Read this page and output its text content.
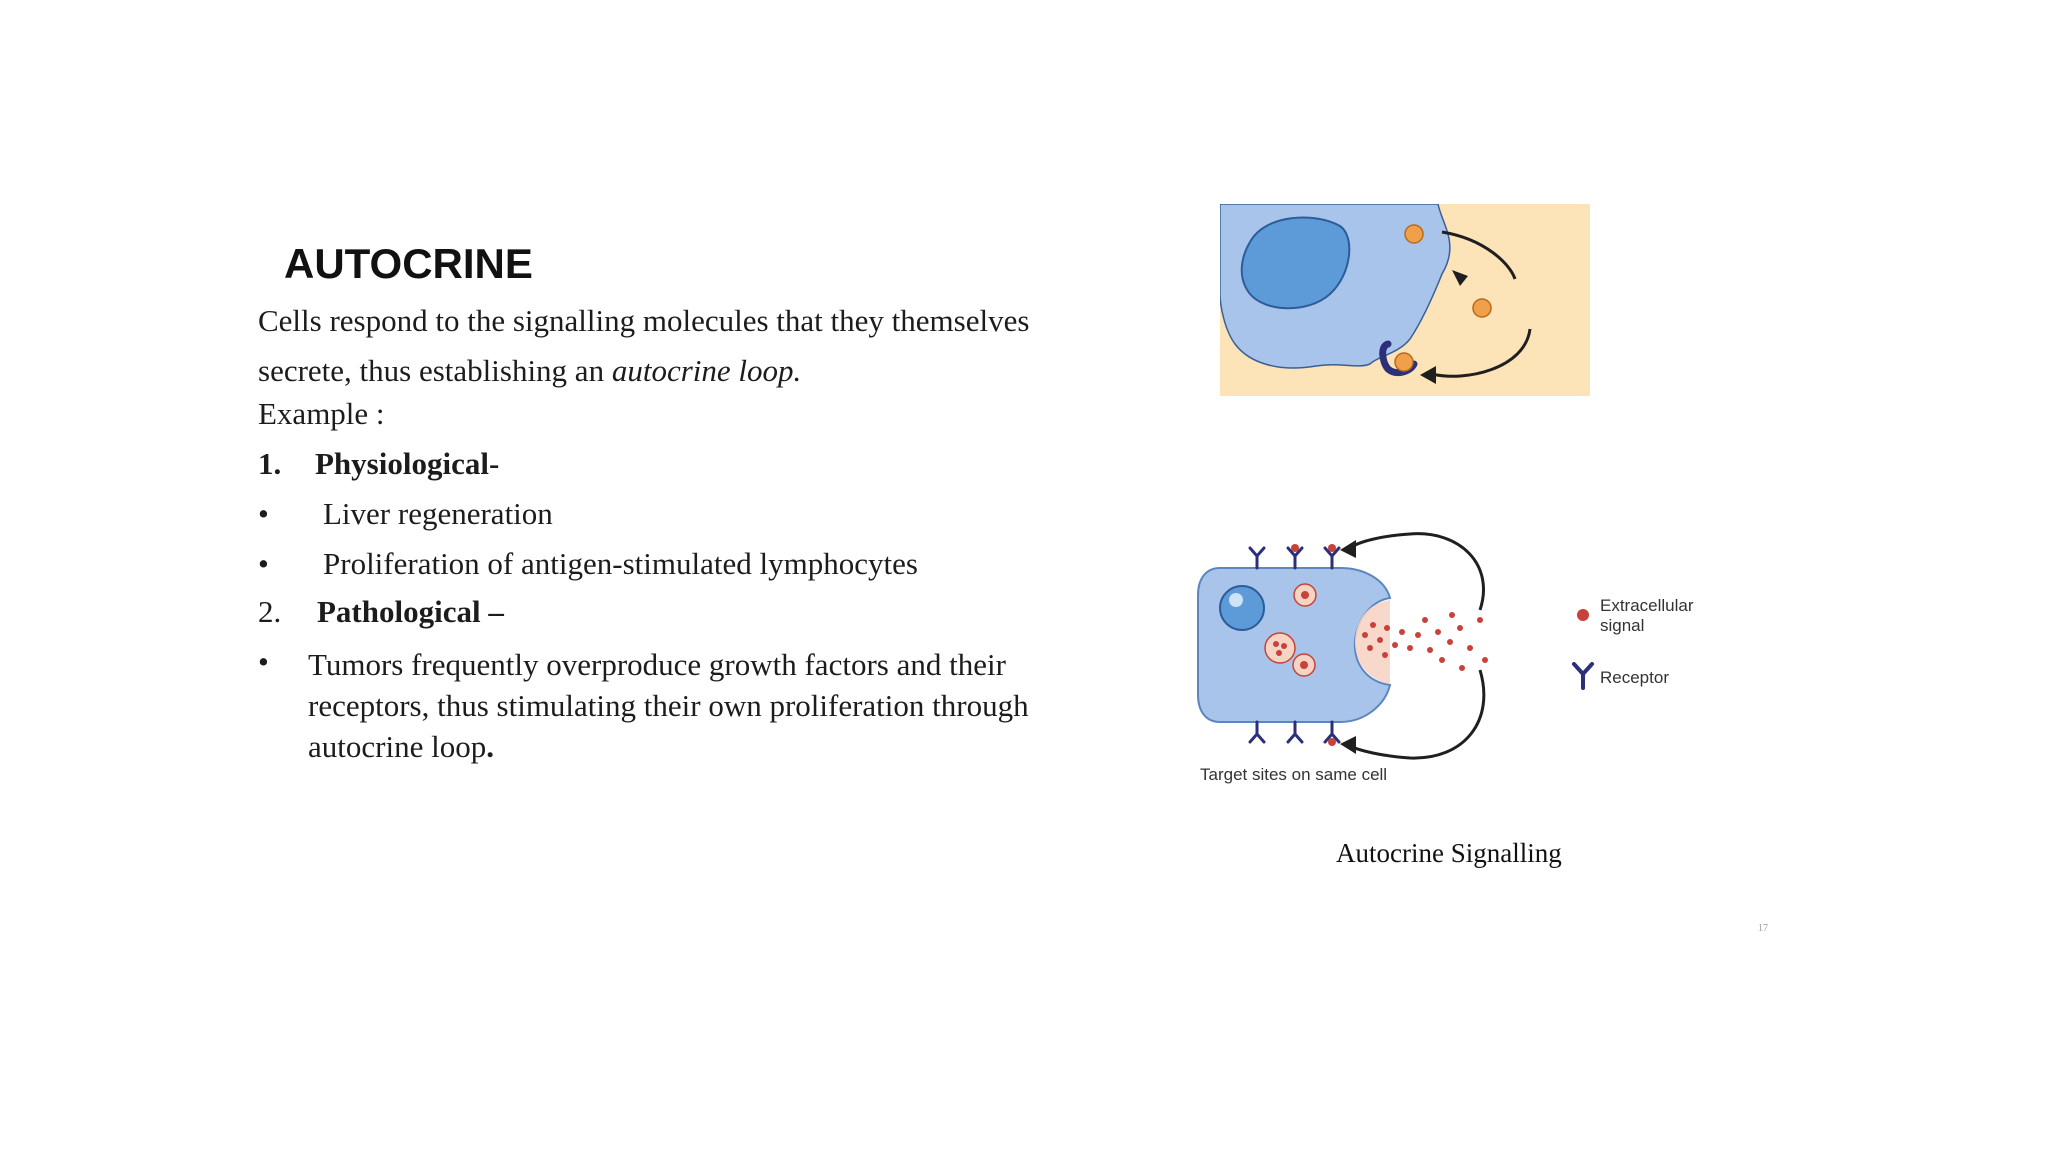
AUTOCRINE
Cells respond to the signalling molecules that they themselves
secrete, thus establishing an autocrine loop.
Example :
1. Physiological-
• Liver regeneration
• Proliferation of antigen-stimulated lymphocytes
2. Pathological –
• Tumors frequently overproduce growth factors and their receptors, thus stimulating their own proliferation through autocrine loop.
Target sites on same cell
Extracellular
signal
Receptor
Autocrine Signalling
17
